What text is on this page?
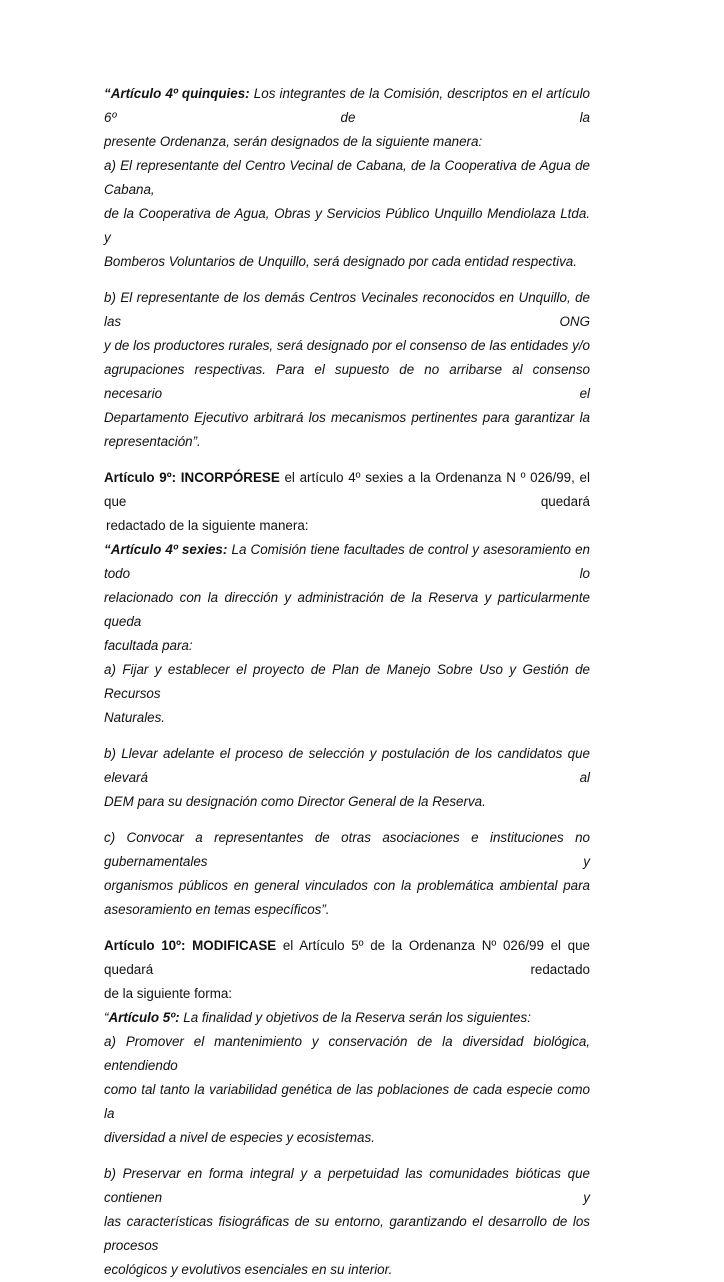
“Artículo 4º quinquies: Los integrantes de la Comisión, descriptos en el artículo 6º de la
presente Ordenanza, serán designados de la siguiente manera:
a) El representante del Centro Vecinal de Cabana, de la Cooperativa de Agua de Cabana,
de la Cooperativa de Agua, Obras y Servicios Público Unquillo Mendiolaza Ltda. y
Bomberos Voluntarios de Unquillo, será designado por cada entidad respectiva.
b) El representante de los demás Centros Vecinales reconocidos en Unquillo, de las ONG
y de los productores rurales, será designado por el consenso de las entidades y/o
agrupaciones respectivas. Para el supuesto de no arribarse al consenso necesario el
Departamento Ejecutivo arbitrará los mecanismos pertinentes para garantizar la
representación”.
Artículo 9º: INCORPÓRESE el artículo 4º sexies a la Ordenanza N º 026/99, el que quedará
redactado de la siguiente manera:
“Artículo 4º sexies: La Comisión tiene facultades de control y asesoramiento en todo lo
relacionado con la dirección y administración de la Reserva y particularmente queda
facultada para:
a) Fijar y establecer el proyecto de Plan de Manejo Sobre Uso y Gestión de Recursos
Naturales.
b) Llevar adelante el proceso de selección y postulación de los candidatos que elevará al
DEM para su designación como Director General de la Reserva.
c) Convocar a representantes de otras asociaciones e instituciones no gubernamentales y
organismos públicos en general vinculados con la problemática ambiental para
asesoramiento en temas específicos”.
Artículo 10º: MODIFICASE el Artículo 5º de la Ordenanza Nº 026/99 el que quedará redactado
de la siguiente forma:
“Artículo 5º: La finalidad y objetivos de la Reserva serán los siguientes:
a) Promover el mantenimiento y conservación de la diversidad biológica, entendiendo
como tal tanto la variabilidad genética de las poblaciones de cada especie como la
diversidad a nivel de especies y ecosistemas.
b) Preservar en forma integral y a perpetuidad las comunidades bióticas que contienen y
las características fisiográficas de su entorno, garantizando el desarrollo de los procesos
ecológicos y evolutivos esenciales en su interior.
